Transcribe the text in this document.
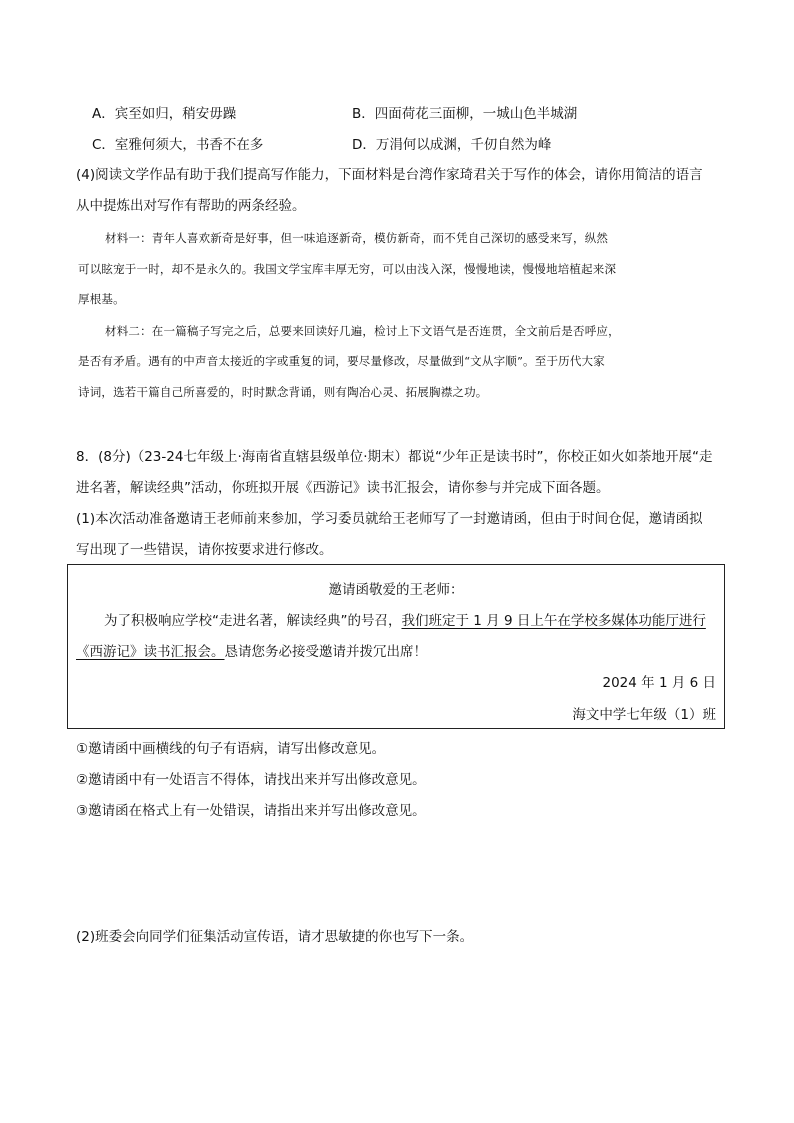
A．宾至如归，稍安毋躁	B．四面荷花三面柳，一城山色半城湖
C．室雅何须大，书香不在多	D．万涓何以成渊，千仞自然为峰
(4)阅读文学作品有助于我们提高写作能力，下面材料是台湾作家琦君关于写作的体会，请你用简洁的语言
从中提炼出对写作有帮助的两条经验。
材料一：青年人喜欢新奇是好事，但一味追逐新奇，模仿新奇，而不凭自己深切的感受来写，纵然
可以眩宠于一时，却不是永久的。我国文学宝库丰厚无穷，可以由浅入深，慢慢地读，慢慢地培植起来深
厚根基。
材料二：在一篇稿子写完之后，总要来回读好几遍，检讨上下文语气是否连贯，全文前后是否呼应，
是否有矛盾。遇有的中声音太接近的字或重复的词，要尽量修改，尽量做到“文从字顺”。至于历代大家
诗词，选若干篇自己所喜爱的，时时默念背诵，则有陶冶心灵、拓展胸襟之功。
8．(8分)（23-24七年级上·海南省直辖县级单位·期末）都说“少年正是读书时”，你校正如火如荼地开展“走
进名著，解读经典”活动，你班拟开展《西游记》读书汇报会，请你参与并完成下面各题。
(1)本次活动准备邀请王老师前来参加，学习委员就给王老师写了一封邀请函，但由于时间仓促，邀请函拟
写出现了一些错误，请你按要求进行修改。
邀请函敬爱的王老师：
为了积极响应学校“走进名著，解读经典”的号召，我们班定于 1 月 9 日上午在学校多媒体功能厅进行
《西游记》读书汇报会。恳请您务必接受邀请并拨冗出席！
2024 年 1 月 6 日
海文中学七年级（1）班
①邀请函中画横线的句子有语病，请写出修改意见。
②邀请函中有一处语言不得体，请找出来并写出修改意见。
③邀请函在格式上有一处错误，请指出来并写出修改意见。
(2)班委会向同学们征集活动宣传语，请才思敏捷的你也写下一条。
